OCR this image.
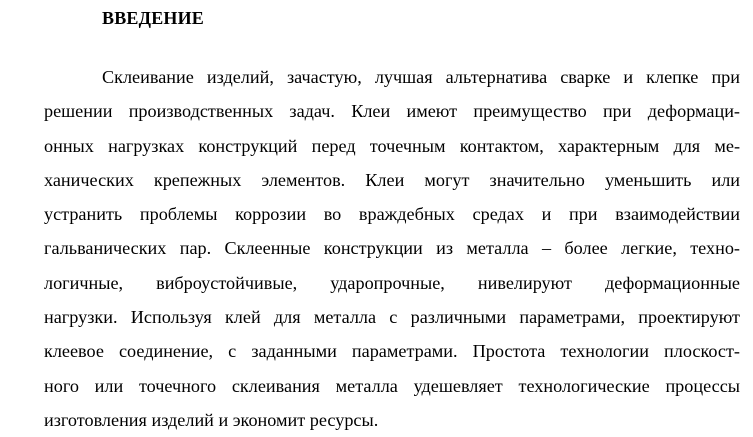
ВВЕДЕНИЕ
Склеивание изделий, зачастую, лучшая альтернатива сварке и клепке при
решении производственных задач. Клеи имеют преимущество при деформаци-
онных нагрузках конструкций перед точечным контактом, характерным для ме-
ханических крепежных элементов. Клеи могут значительно уменьшить или
устранить проблемы коррозии во враждебных средах и при взаимодействии
гальванических пар. Склеенные конструкции из металла – более легкие, техно-
логичные, виброустойчивые, ударопрочные, нивелируют деформационные
нагрузки. Используя клей для металла с различными параметрами, проектируют
клеевое соединение, с заданными параметрами. Простота технологии плоскост-
ного или точечного склеивания металла удешевляет технологические процессы
изготовления изделий и экономит ресурсы.
